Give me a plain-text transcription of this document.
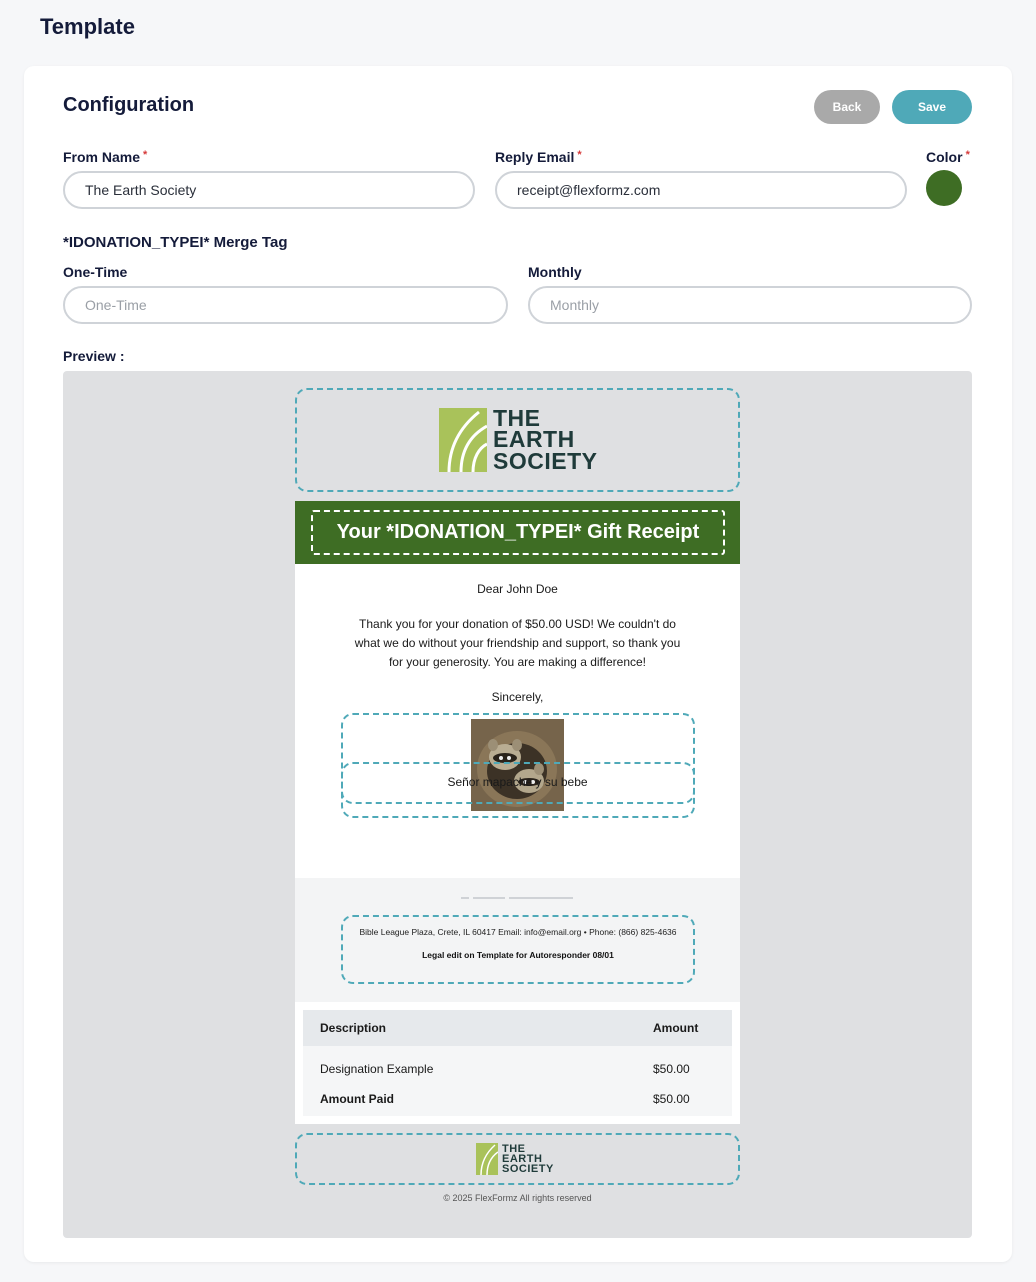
Template
Configuration	Back	Save
From Name *
The Earth Society
Reply Email *
receipt@flexformz.com
Color *
*IDONATION_TYPEI* Merge Tag
One-Time
One-Time
Monthly
Monthly
Preview :
THE
EARTH
SOCIETY
Your *IDONATION_TYPEI* Gift Receipt
Dear John Doe
Thank you for your donation of $50.00 USD! We couldn't do
what we do without your friendship and support, so thank you
for your generosity. You are making a difference!
Sincerely,
Señor mapache y su bebe
Bible League Plaza, Crete, IL 60417 Email: info@email.org • Phone: (866) 825-4636
Legal edit on Template for Autoresponder 08/01
Description	Amount
Designation Example	$50.00
Amount Paid	$50.00
THE
EARTH
SOCIETY
© 2025 FlexFormz All rights reserved
